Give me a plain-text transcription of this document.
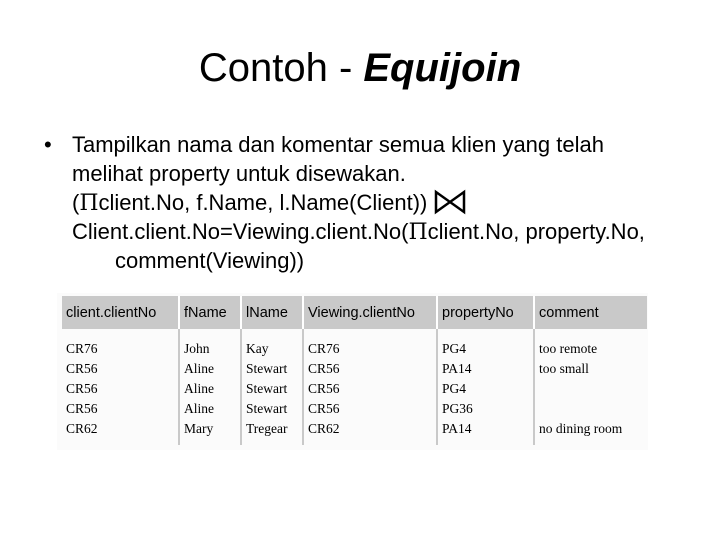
Contoh - Equijoin
• Tampilkan nama dan komentar semua klien yang telah
melihat property untuk disewakan.
(Πclient.No, f.Name, l.Name(Client))
Client.client.No=Viewing.client.No(Πclient.No, property.No,
comment(Viewing))
client.clientNo	fName	lName	Viewing.clientNo	propertyNo	comment
CR76	John	Kay	CR76	PG4	too remote
CR56	Aline	Stewart	CR56	PA14	too small
CR56	Aline	Stewart	CR56	PG4	
CR56	Aline	Stewart	CR56	PG36	
CR62	Mary	Tregear	CR62	PA14	no dining room
